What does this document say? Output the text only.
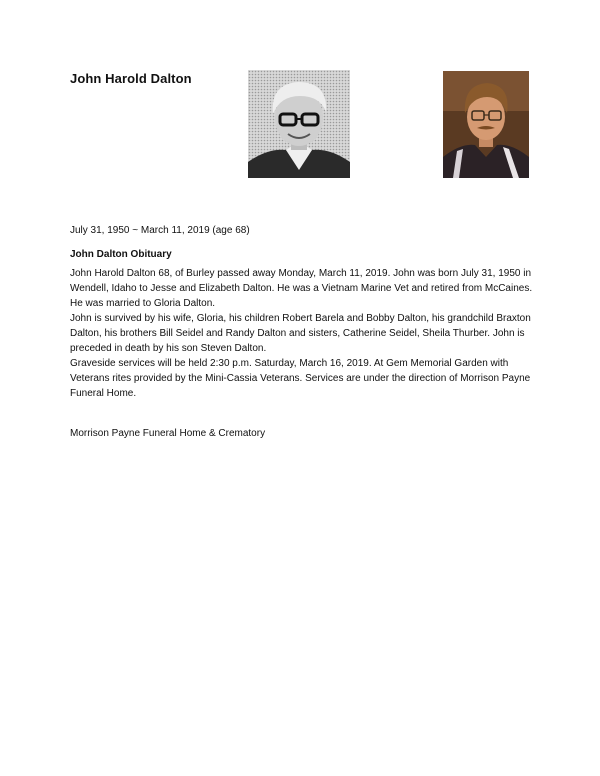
John Harold Dalton
July 31, 1950 ~ March 11, 2019 (age 68)
John Dalton Obituary

John Harold Dalton 68, of Burley passed away Monday, March 11, 2019. John was born July 31, 1950 in Wendell, Idaho to Jesse and Elizabeth Dalton. He was a Vietnam Marine Vet and retired from McCaines. He was married to Gloria Dalton.

John is survived by his wife, Gloria, his children Robert Barela and Bobby Dalton, his grandchild Braxton Dalton, his brothers Bill Seidel and Randy Dalton and sisters, Catherine Seidel, Sheila Thurber. John is preceded in death by his son Steven Dalton.

Graveside services will be held 2:30 p.m. Saturday, March 16, 2019. At Gem Memorial Garden with Veterans rites provided by the Mini-Cassia Veterans. Services are under the direction of Morrison Payne Funeral Home.

Morrison Payne Funeral Home & Crematory
